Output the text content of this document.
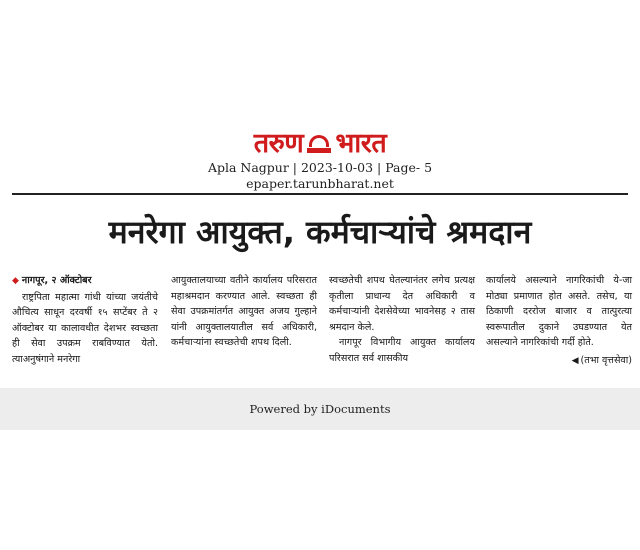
तरुण भारत
Apla Nagpur | 2023-10-03 | Page- 5
epaper.tarunbharat.net
मनरेगा आयुक्त, कर्मचाऱ्यांचे श्रमदान

◆ नागपूर, २ ऑक्टोबर

राष्ट्रपिता महात्मा गांधी यांच्या जयंतीचे औचित्य साधून दरवर्षी १५ सप्टेंबर ते २ ऑक्टोबर या कालावधीत देशभर स्वच्छता ही सेवा उपक्रम राबविण्यात येतो. त्याअनुषंगाने मनरेगा

आयुक्तालयाच्या वतीने कार्यालय परिसरात महाश्रमदान करण्यात आले. स्वच्छता ही सेवा उपक्रमांतर्गत आयुक्त अजय गुल्हाने यांनी आयुक्तालयातील सर्व अधिकारी, कर्मचाऱ्यांना स्वच्छतेची शपथ दिली.

स्वच्छतेची शपथ घेतल्यानंतर लगेच प्रत्यक्ष कृतीला प्राधान्य देत अधिकारी व कर्मचाऱ्यांनी देशसेवेच्या भावनेसह २ तास श्रमदान केले.

नागपूर विभागीय आयुक्त कार्यालय परिसरात सर्व शासकीय

कार्यालये असल्याने नागरिकांची ये-जा मोठ्या प्रमाणात होत असते. तसेच, या ठिकाणी दररोज बाजार व तात्पुरत्या स्वरूपातील दुकाने उघडण्यात येत असल्याने नागरिकांची गर्दी होते.

◀ (तभा वृत्तसेवा)
Powered by iDocuments
